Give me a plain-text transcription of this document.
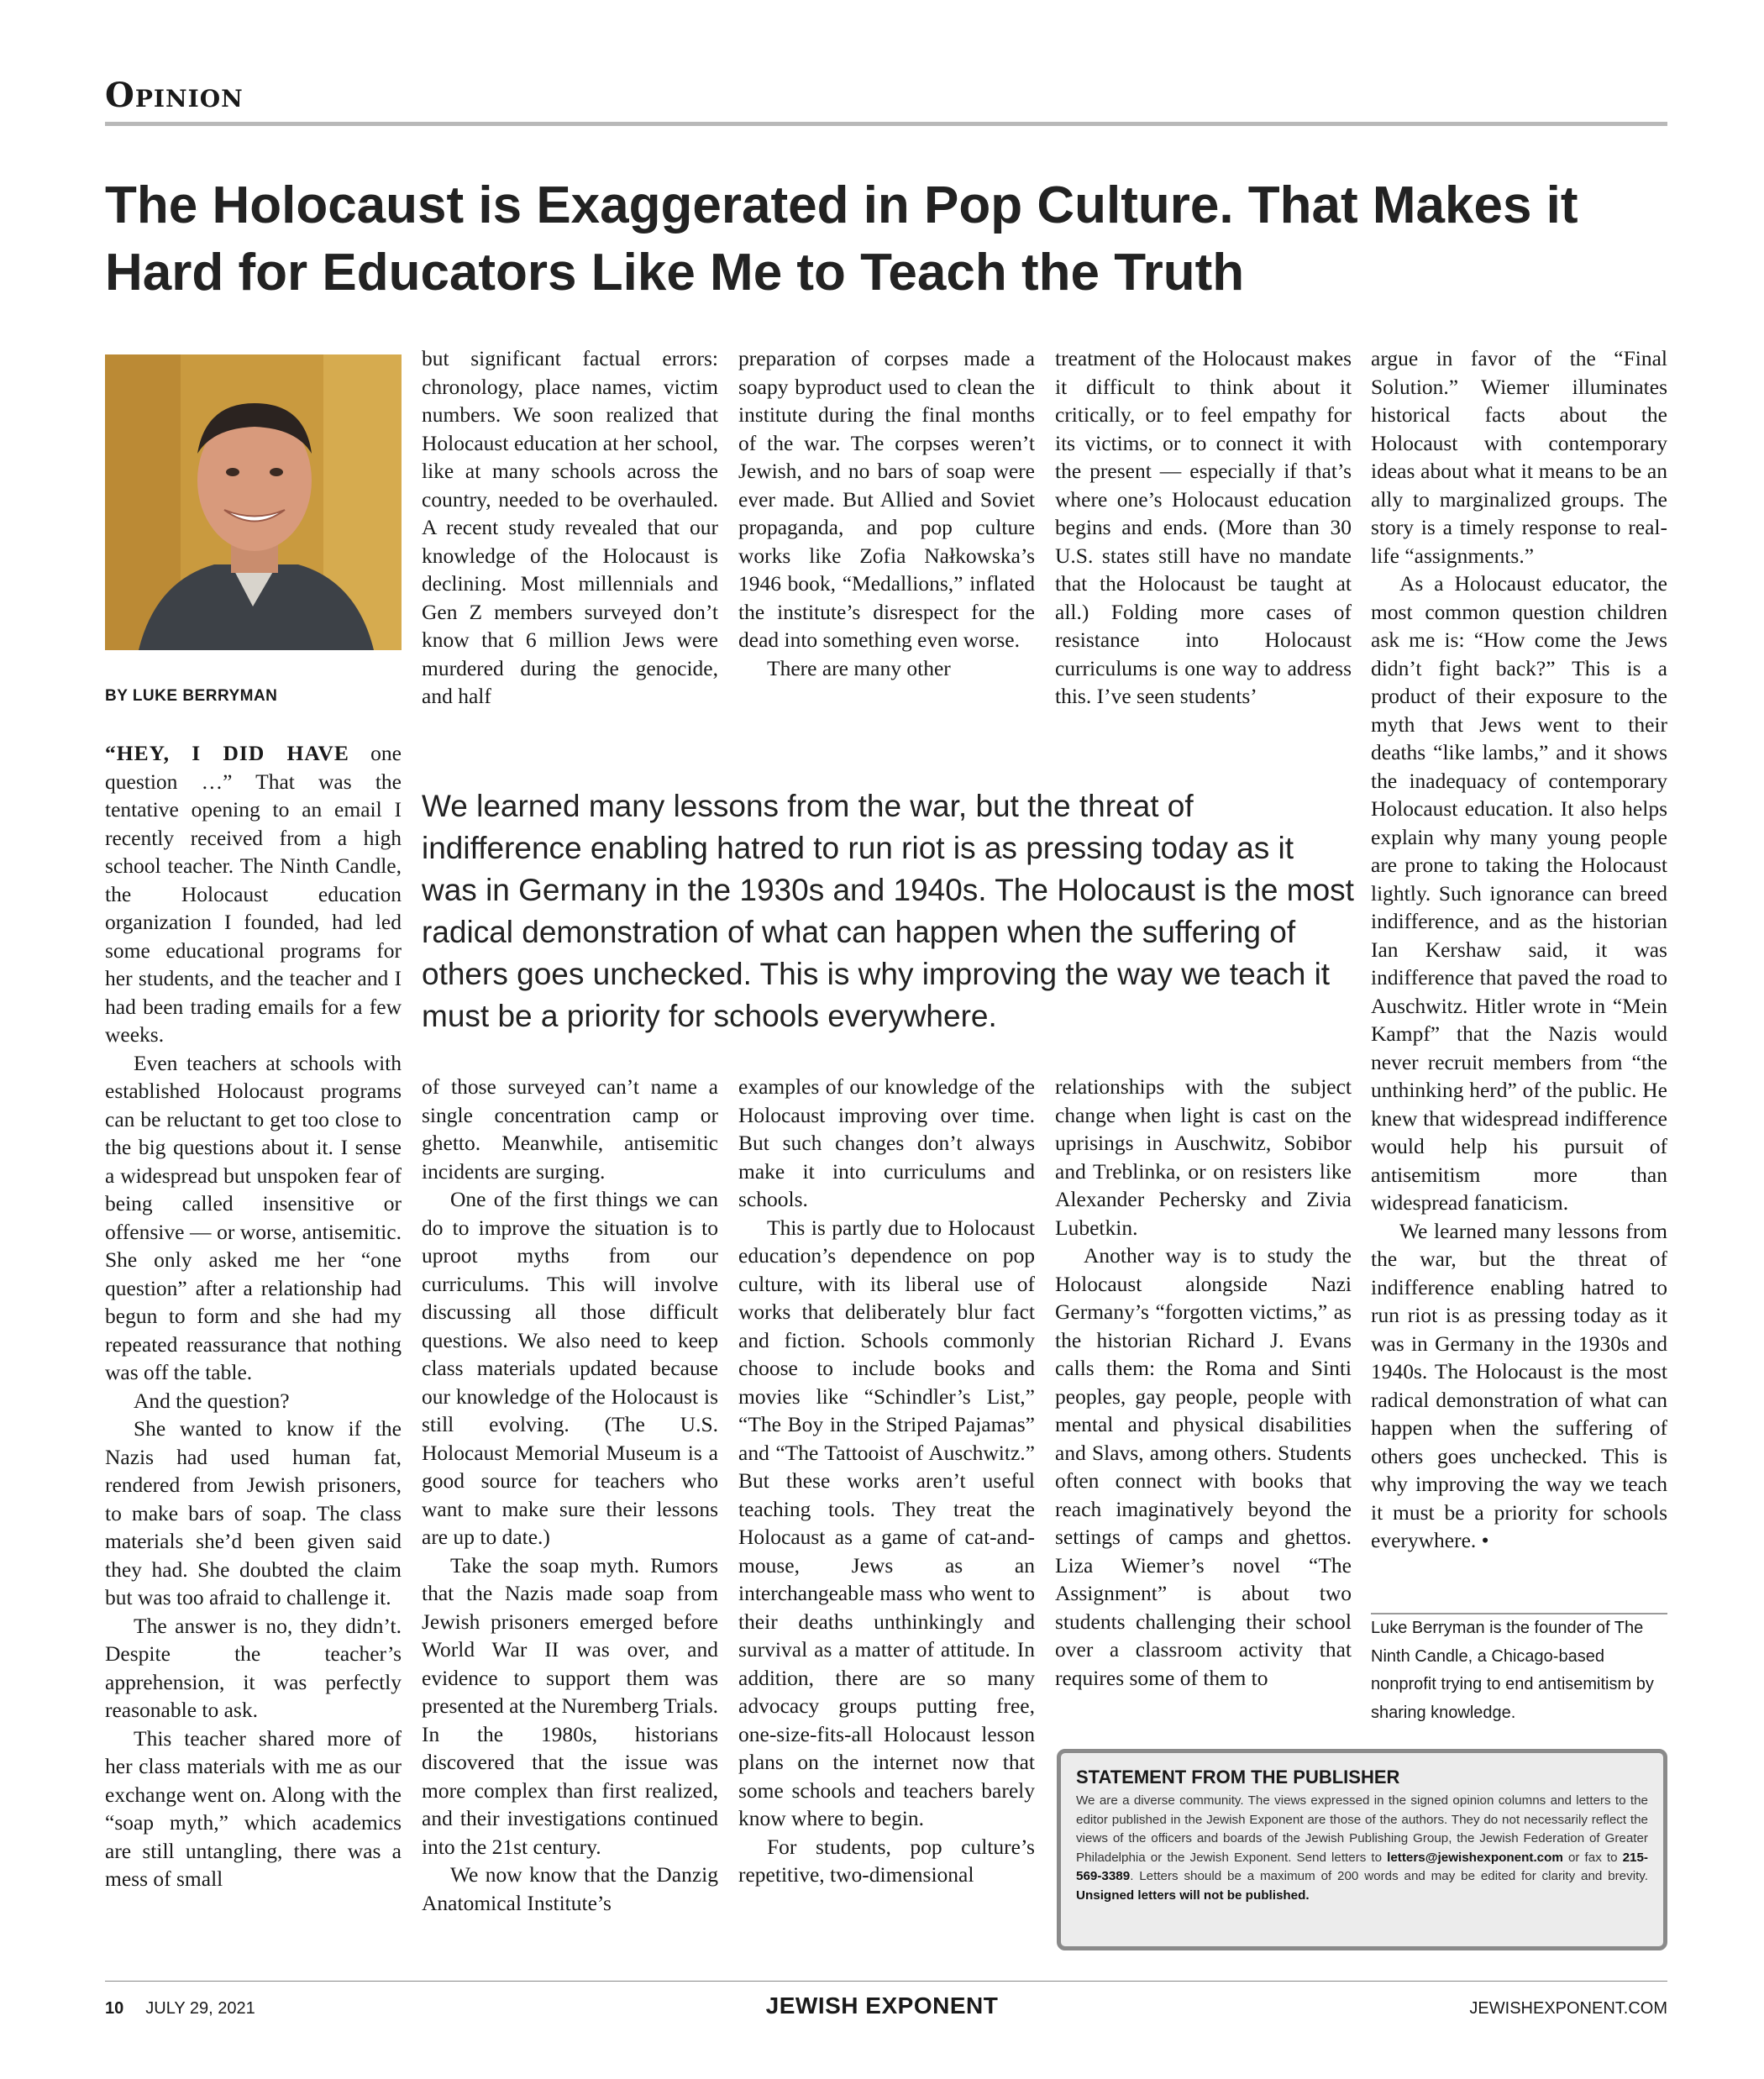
Opinion
The Holocaust is Exaggerated in Pop Culture. That Makes it Hard for Educators Like Me to Teach the Truth
BY LUKE BERRYMAN

“HEY, I DID HAVE one question …” That was the tentative opening to an email I recently received from a high school teacher. The Ninth Candle, the Holocaust education organization I founded, had led some educational programs for her students, and the teacher and I had been trading emails for a few weeks.

Even teachers at schools with established Holocaust programs can be reluctant to get too close to the big questions about it. I sense a widespread but unspoken fear of being called insensitive or offensive — or worse, antisemitic. She only asked me her “one question” after a relationship had begun to form and she had my repeated reassurance that nothing was off the table.

And the question?

She wanted to know if the Nazis had used human fat, rendered from Jewish prisoners, to make bars of soap. The class materials she’d been given said they had. She doubted the claim but was too afraid to challenge it.

The answer is no, they didn’t. Despite the teacher’s apprehension, it was perfectly reasonable to ask.

This teacher shared more of her class materials with me as our exchange went on. Along with the “soap myth,” which academics are still untangling, there was a mess of small

but significant factual errors: chronology, place names, victim numbers. We soon realized that Holocaust education at her school, like at many schools across the country, needed to be overhauled. A recent study revealed that our knowledge of the Holocaust is declining. Most millennials and Gen Z members surveyed don’t know that 6 million Jews were murdered during the genocide, and half

preparation of corpses made a soapy byproduct used to clean the institute during the final months of the war. The corpses weren’t Jewish, and no bars of soap were ever made. But Allied and Soviet propaganda, and pop culture works like Zofia Nałkowska’s 1946 book, “Medallions,” inflated the institute’s disrespect for the dead into something even worse.

There are many other

treatment of the Holocaust makes it difficult to think about it critically, or to feel empathy for its victims, or to connect it with the present — especially if that’s where one’s Holocaust education begins and ends. (More than 30 U.S. states still have no mandate that the Holocaust be taught at all.) Folding more cases of resistance into Holocaust curriculums is one way to address this. I’ve seen students’

We learned many lessons from the war, but the threat of indifference enabling hatred to run riot is as pressing today as it was in Germany in the 1930s and 1940s. The Holocaust is the most radical demonstration of what can happen when the suffering of others goes unchecked. This is why improving the way we teach it must be a priority for schools everywhere.

of those surveyed can’t name a single concentration camp or ghetto. Meanwhile, antisemitic incidents are surging.

One of the first things we can do to improve the situation is to uproot myths from our curriculums. This will involve discussing all those difficult questions. We also need to keep class materials updated because our knowledge of the Holocaust is still evolving. (The U.S. Holocaust Memorial Museum is a good source for teachers who want to make sure their lessons are up to date.)

Take the soap myth. Rumors that the Nazis made soap from Jewish prisoners emerged before World War II was over, and evidence to support them was presented at the Nuremberg Trials. In the 1980s, historians discovered that the issue was more complex than first realized, and their investigations continued into the 21st century.

We now know that the Danzig Anatomical Institute’s

examples of our knowledge of the Holocaust improving over time. But such changes don’t always make it into curriculums and schools.

This is partly due to Holocaust education’s dependence on pop culture, with its liberal use of works that deliberately blur fact and fiction. Schools commonly choose to include books and movies like “Schindler’s List,” “The Boy in the Striped Pajamas” and “The Tattooist of Auschwitz.” But these works aren’t useful teaching tools. They treat the Holocaust as a game of cat-and-mouse, Jews as an interchangeable mass who went to their deaths unthinkingly and survival as a matter of attitude. In addition, there are so many advocacy groups putting free, one-size-fits-all Holocaust lesson plans on the internet now that some schools and teachers barely know where to begin.

For students, pop culture’s repetitive, two-dimensional

relationships with the subject change when light is cast on the uprisings in Auschwitz, Sobibor and Treblinka, or on resisters like Alexander Pechersky and Zivia Lubetkin.

Another way is to study the Holocaust alongside Nazi Germany’s “forgotten victims,” as the historian Richard J. Evans calls them: the Roma and Sinti peoples, gay people, people with mental and physical disabilities and Slavs, among others. Students often connect with books that reach imaginatively beyond the settings of camps and ghettos. Liza Wiemer’s novel “The Assignment” is about two students challenging their school over a classroom activity that requires some of them to

argue in favor of the “Final Solution.” Wiemer illuminates historical facts about the Holocaust with contemporary ideas about what it means to be an ally to marginalized groups. The story is a timely response to real-life “assignments.”

As a Holocaust educator, the most common question children ask me is: “How come the Jews didn’t fight back?” This is a product of their exposure to the myth that Jews went to their deaths “like lambs,” and it shows the inadequacy of contemporary Holocaust education. It also helps explain why many young people are prone to taking the Holocaust lightly. Such ignorance can breed indifference, and as the historian Ian Kershaw said, it was indifference that paved the road to Auschwitz. Hitler wrote in “Mein Kampf” that the Nazis would never recruit members from “the unthinking herd” of the public. He knew that widespread indifference would help his pursuit of antisemitism more than widespread fanaticism.

We learned many lessons from the war, but the threat of indifference enabling hatred to run riot is as pressing today as it was in Germany in the 1930s and 1940s. The Holocaust is the most radical demonstration of what can happen when the suffering of others goes unchecked. This is why improving the way we teach it must be a priority for schools everywhere. •

Luke Berryman is the founder of The Ninth Candle, a Chicago-based nonprofit trying to end antisemitism by sharing knowledge.
STATEMENT FROM THE PUBLISHER
We are a diverse community. The views expressed in the signed opinion columns and letters to the editor published in the Jewish Exponent are those of the authors. They do not necessarily reflect the views of the officers and boards of the Jewish Publishing Group, the Jewish Federation of Greater Philadelphia or the Jewish Exponent. Send letters to letters@jewishexponent.com or fax to 215-569-3389. Letters should be a maximum of 200 words and may be edited for clarity and brevity. Unsigned letters will not be published.
10 JULY 29, 2021	JEWISH EXPONENT	JEWISHEXPONENT.COM
